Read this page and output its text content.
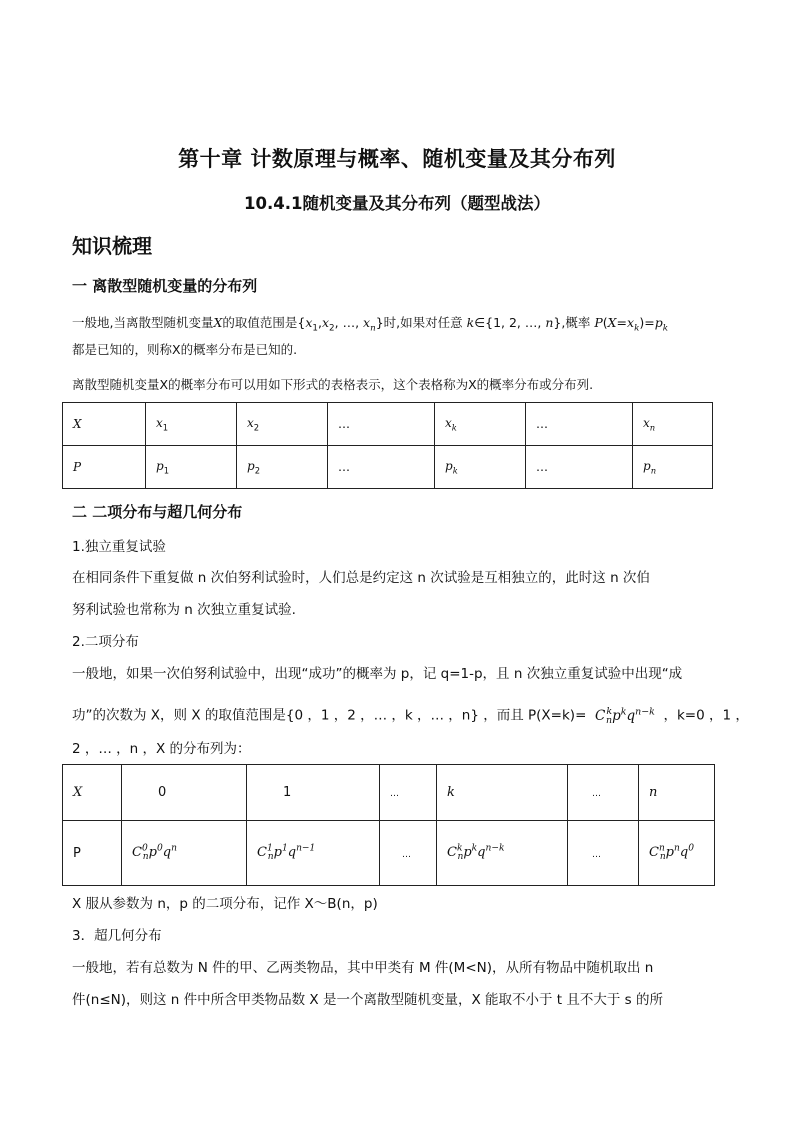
第十章 计数原理与概率、随机变量及其分布列
10.4.1随机变量及其分布列（题型战法）
知识梳理
一 离散型随机变量的分布列
一般地,当离散型随机变量X的取值范围是{$x_1,x_2$, …, $x_n$}时,如果对任意 k∈{1, 2, …, n},概率 $P(X=x_k)=p_k$
都是已知的，则称X的概率分布是已知的.
离散型随机变量X的概率分布可以用如下形式的表格表示，这个表格称为X的概率分布或分布列.
X	$x_1$	$x_2$	…	$x_k$	…	$x_n$
P	$p_1$	$p_2$	…	$p_k$	…	$p_n$
二 二项分布与超几何分布
1.独立重复试验
在相同条件下重复做 n 次伯努利试验时，人们总是约定这 n 次试验是互相独立的，此时这 n 次伯
努利试验也常称为 n 次独立重复试验.
2.二项分布
一般地，如果一次伯努利试验中，出现“成功”的概率为 p，记 q=1-p，且 n 次独立重复试验中出现“成
功”的次数为 X，则 X 的取值范围是{0 ，1 ，2 ，… ，k ，… ，n} ，而且 $P(X=k)= C^k_np^kq^{n-k}$ ，k=0 ，1 ，
2 ，… ，n ，X 的分布列为：
X	0	1	…	k	…	n
P	$C^0_np^0q^n$	$C^1_np^1q^{n-1}$	…	$C^k_np^kq^{n-k}$	…	$C^n_np^nq^0$
X 服从参数为 n，p 的二项分布，记作 X～B(n，p)
3．超几何分布
一般地，若有总数为 N 件的甲、乙两类物品，其中甲类有 M 件(M<N)，从所有物品中随机取出 n
件(n≤N)，则这 n 件中所含甲类物品数 X 是一个离散型随机变量，X 能取不小于 t 且不大于 s 的所
